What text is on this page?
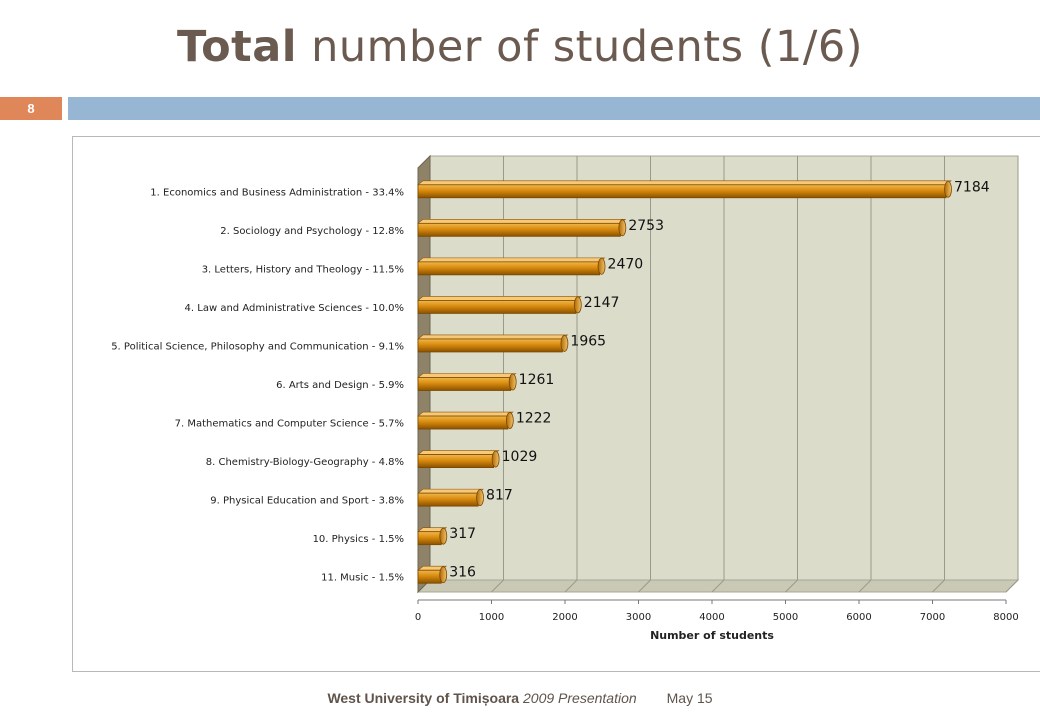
Total number of students (1/6)
8
0	1000	2000	3000	4000	5000	6000	7000	8000
Number of students
1. Economics and Business Administration - 33.4%	7184
2. Sociology and Psychology - 12.8%	2753
3. Letters, History and Theology - 11.5%	2470
4. Law and Administrative Sciences - 10.0%	2147
5. Political Science, Philosophy and Communication - 9.1%	1965
6. Arts and Design - 5.9%	1261
7. Mathematics and Computer Science - 5.7%	1222
8. Chemistry-Biology-Geography - 4.8%	1029
9. Physical Education and Sport - 3.8%	817
10. Physics - 1.5%	317
11. Music - 1.5%	316
West University of Timișoara 2009 Presentation May 15
